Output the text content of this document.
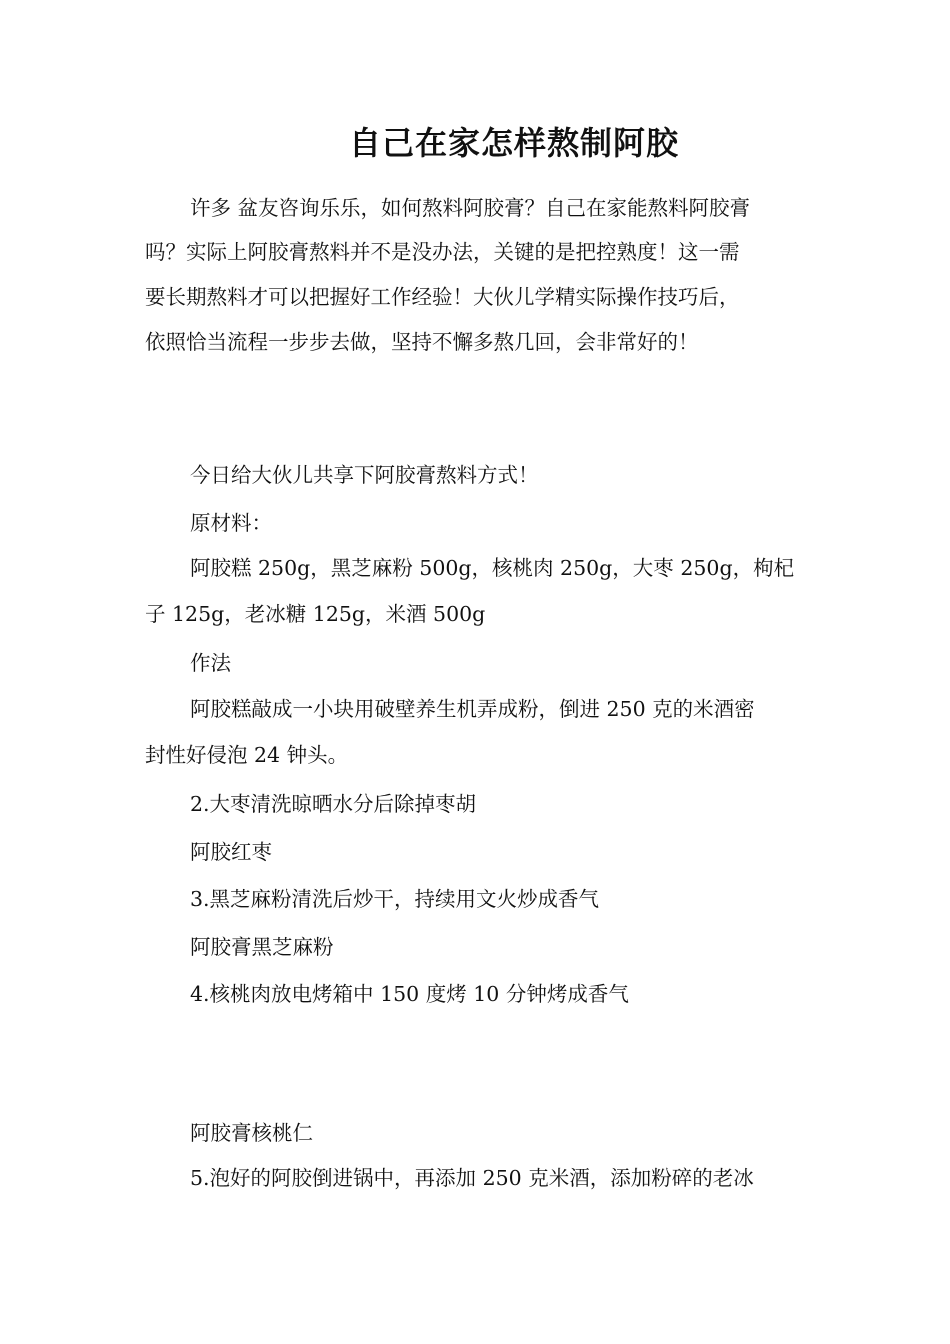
自己在家怎样熬制阿胶
许多 盆友咨询乐乐，如何熬料阿胶膏？自己在家能熬料阿胶膏
吗？实际上阿胶膏熬料并不是没办法，关键的是把控熟度！这一需
要长期熬料才可以把握好工作经验！大伙儿学精实际操作技巧后，
依照恰当流程一步步去做，坚持不懈多熬几回，会非常好的！
今日给大伙儿共享下阿胶膏熬料方式！
原材料：
阿胶糕 250g，黑芝麻粉 500g，核桃肉 250g，大枣 250g，枸杞
子 125g，老冰糖 125g，米酒 500g
作法
阿胶糕敲成一小块用破壁养生机弄成粉，倒进 250 克的米酒密
封性好侵泡 24 钟头。
2.大枣清洗晾晒水分后除掉枣胡
阿胶红枣
3.黑芝麻粉清洗后炒干，持续用文火炒成香气
阿胶膏黑芝麻粉
4.核桃肉放电烤箱中 150 度烤 10 分钟烤成香气
阿胶膏核桃仁
5.泡好的阿胶倒进锅中，再添加 250 克米酒，添加粉碎的老冰
